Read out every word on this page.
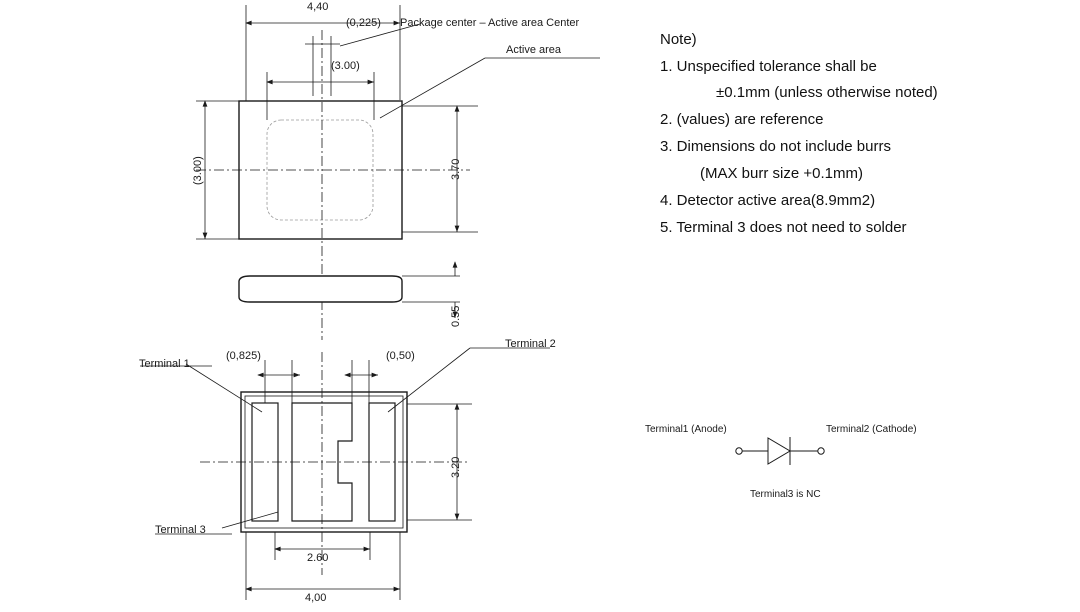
4,40
(0,225) Package center – Active area Center
Active area
(3.00)
(3.00)	3.70
0.55
Terminal 1
Terminal 2
Terminal 3
(0,825)	(0,50)
3.20
2.60
4,00
Note)
1. Unspecified tolerance shall be
±0.1mm (unless otherwise noted)
2. (values) are reference
3. Dimensions do not include burrs
(MAX burr size +0.1mm)
4. Detector active area(8.9mm2)
5. Terminal 3 does not need to solder
Terminal1 (Anode)	Terminal2 (Cathode)
Terminal3 is NC
